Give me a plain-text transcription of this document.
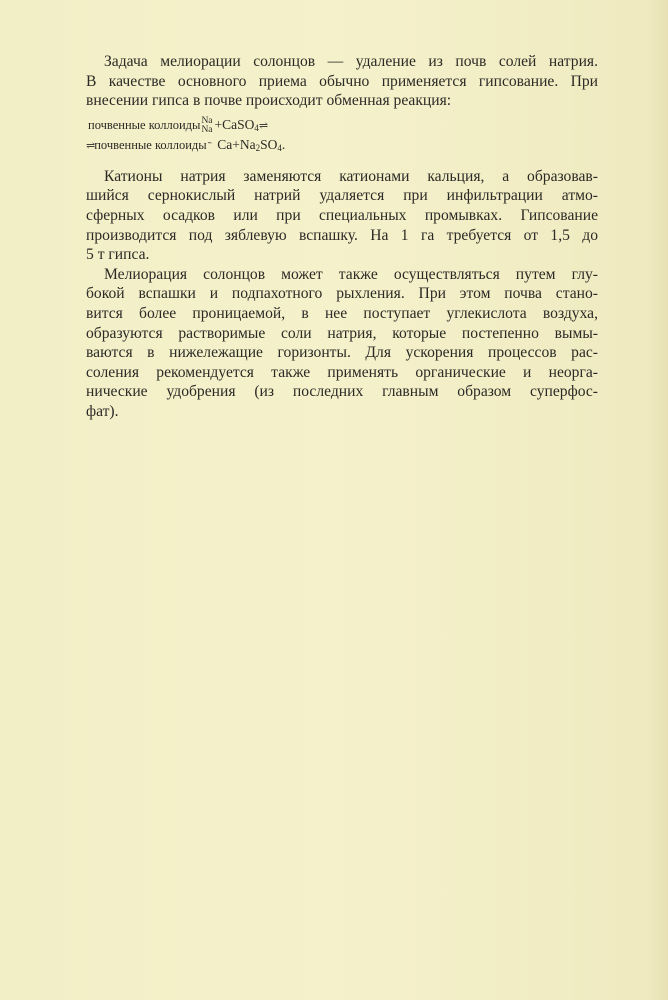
Задача мелиорации солонцов — удаление из почв солей натрия.
В качестве основного приема обычно применяется гипсование. При
внесении гипса в почве происходит обменная реакция:

почвенные коллоиды Na
Na +CaSO$_4$⇌
⇌почвенные коллоиды‷ $Ca+Na_2SO_4$.

Катионы натрия заменяются катионами кальция, а образовав-
шийся сернокислый натрий удаляется при инфильтрации атмо-
сферных осадков или при специальных промывках. Гипсование
производится под зяблевую вспашку. На 1 га требуется от 1,5 до
5 т гипса.

Мелиорация солонцов может также осуществляться путем глу-
бокой вспашки и подпахотного рыхления. При этом почва стано-
вится более проницаемой, в нее поступает углекислота воздуха,
образуются растворимые соли натрия, которые постепенно вымы-
ваются в нижележащие горизонты. Для ускорения процессов рас-
соления рекомендуется также применять органические и неорга-
нические удобрения (из последних главным образом суперфос-
фат).
